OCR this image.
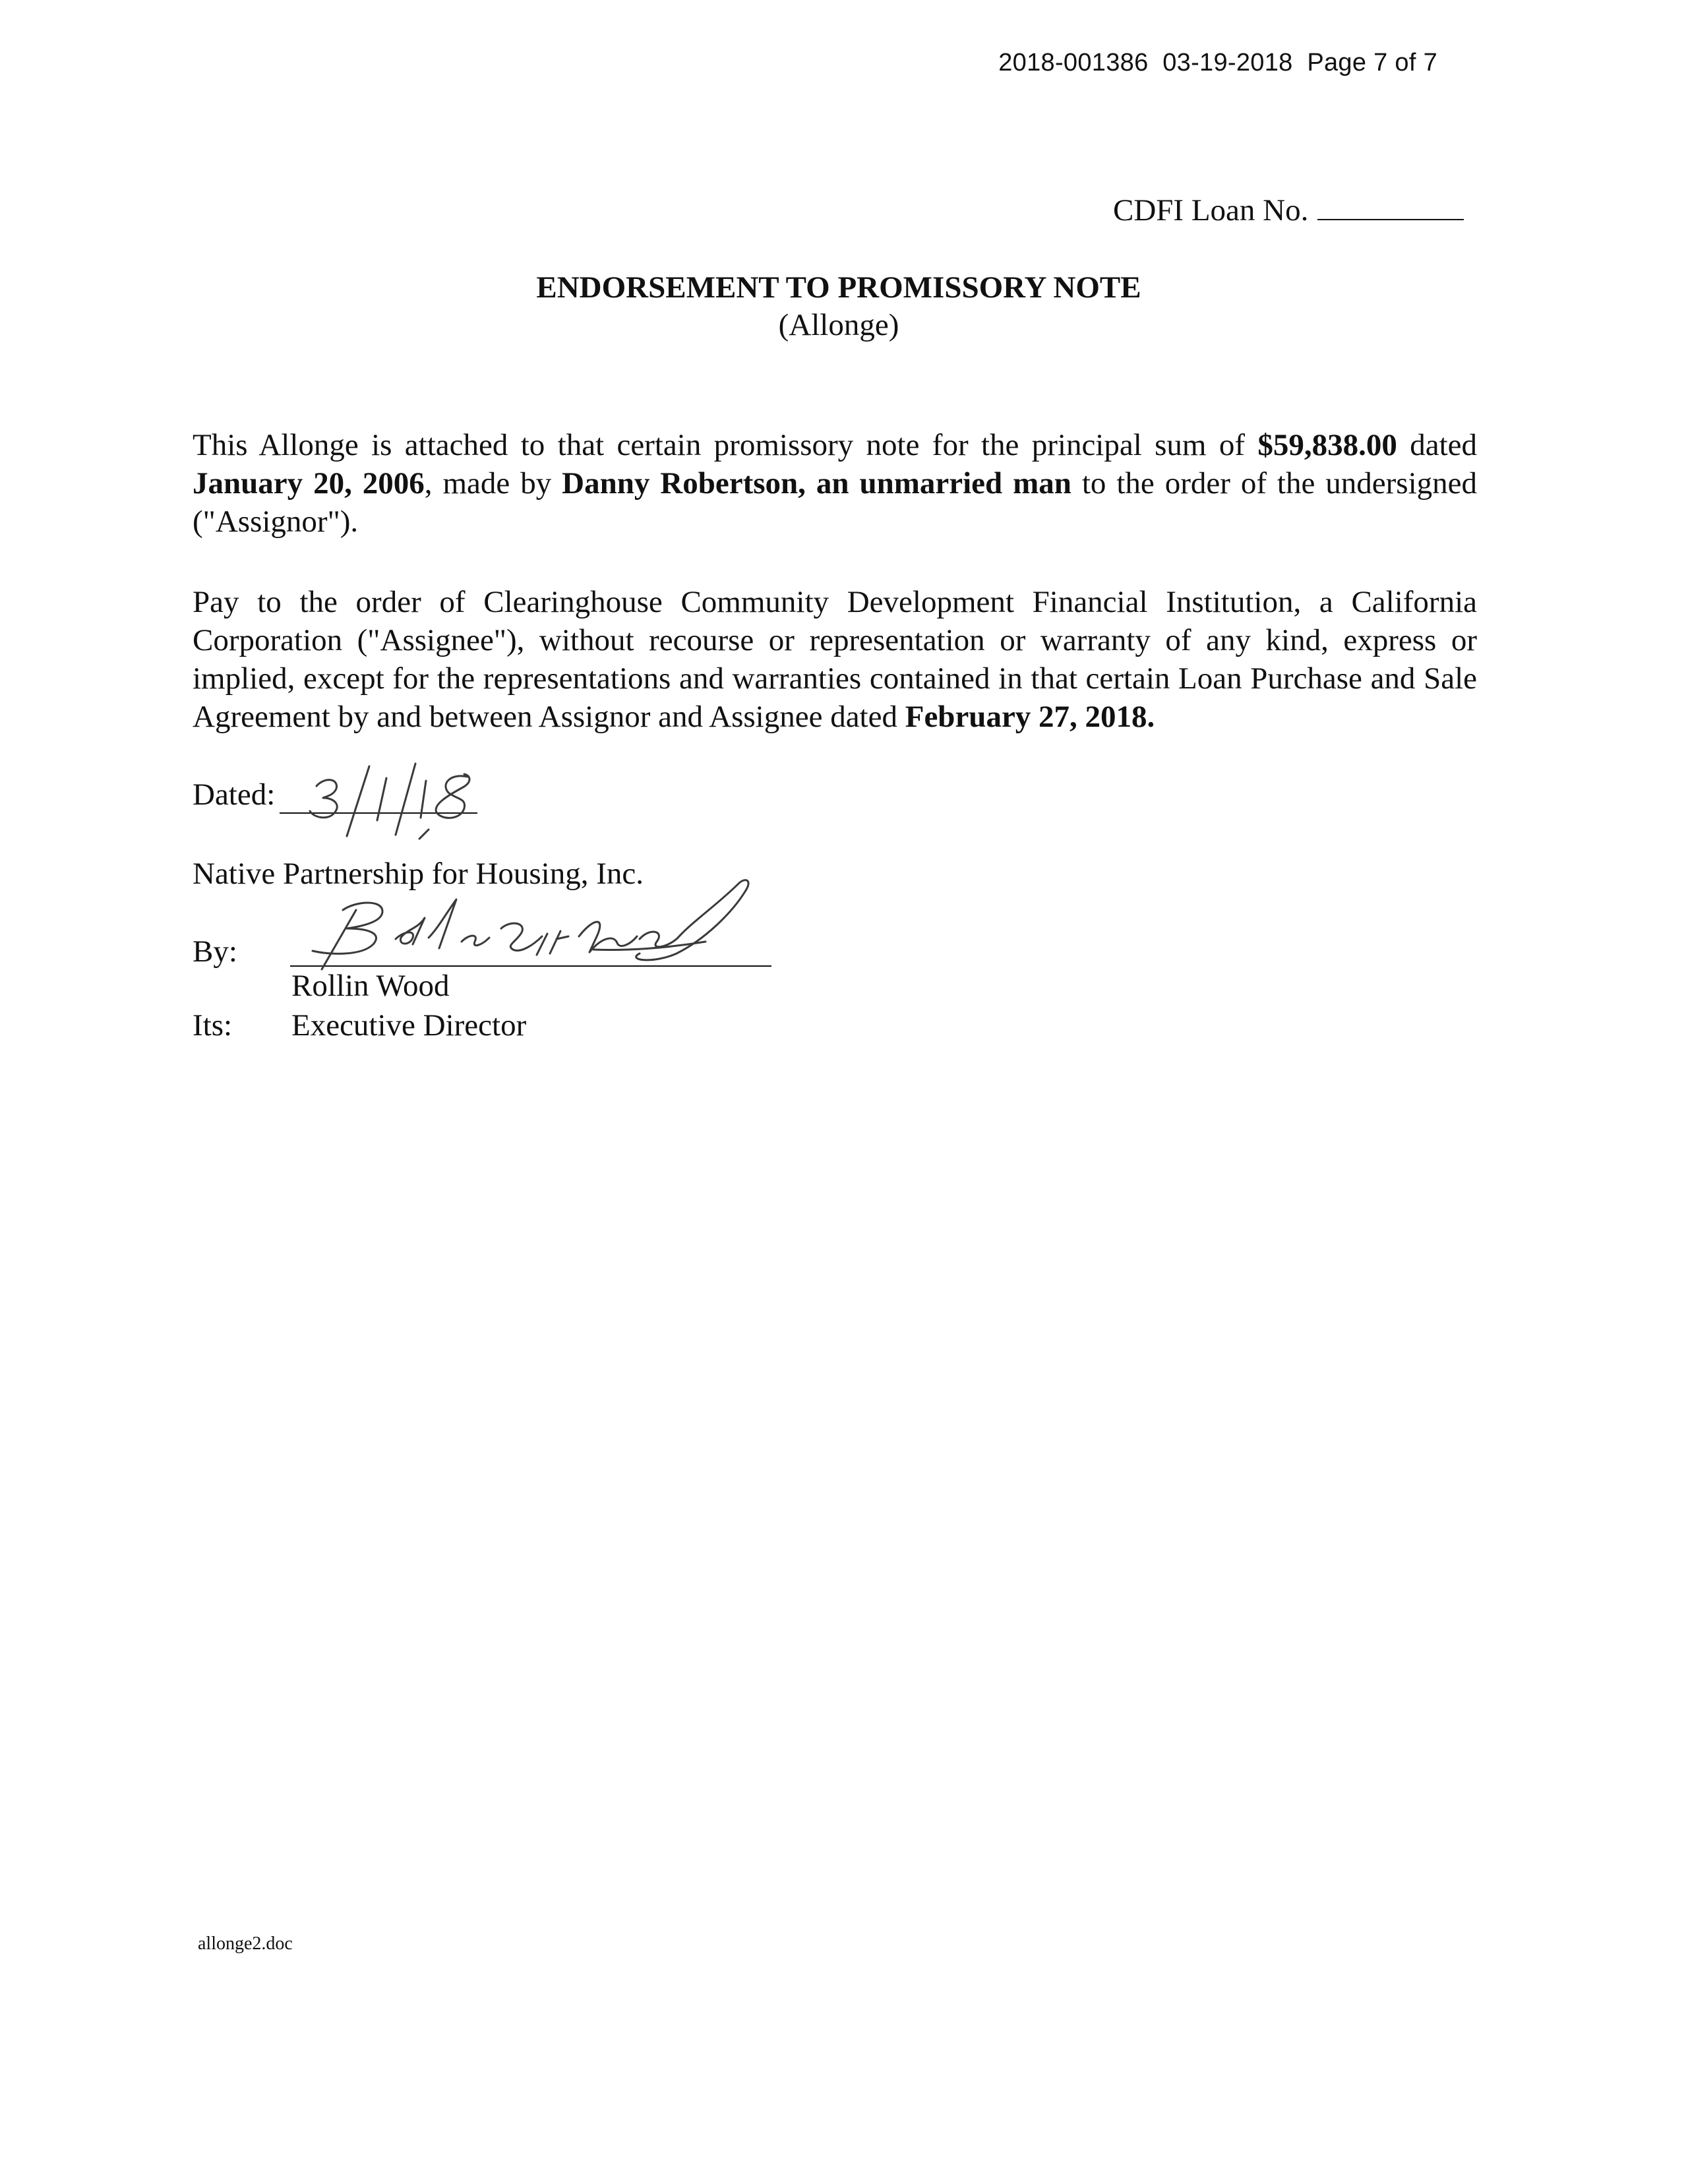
2018-001386  03-19-2018  Page 7 of 7
CDFI Loan No.
ENDORSEMENT TO PROMISSORY NOTE
(Allonge)
This Allonge is attached to that certain promissory note for the principal sum of $59,838.00 dated January 20, 2006, made by Danny Robertson, an unmarried man to the order of the undersigned ("Assignor").
Pay to the order of Clearinghouse Community Development Financial Institution, a California Corporation ("Assignee"), without recourse or representation or warranty of any kind, express or implied, except for the representations and warranties contained in that certain Loan Purchase and Sale Agreement by and between Assignor and Assignee dated February 27, 2018.
Dated:
Native Partnership for Housing, Inc.
By:
Rollin Wood
Its: Executive Director
allonge2.doc
